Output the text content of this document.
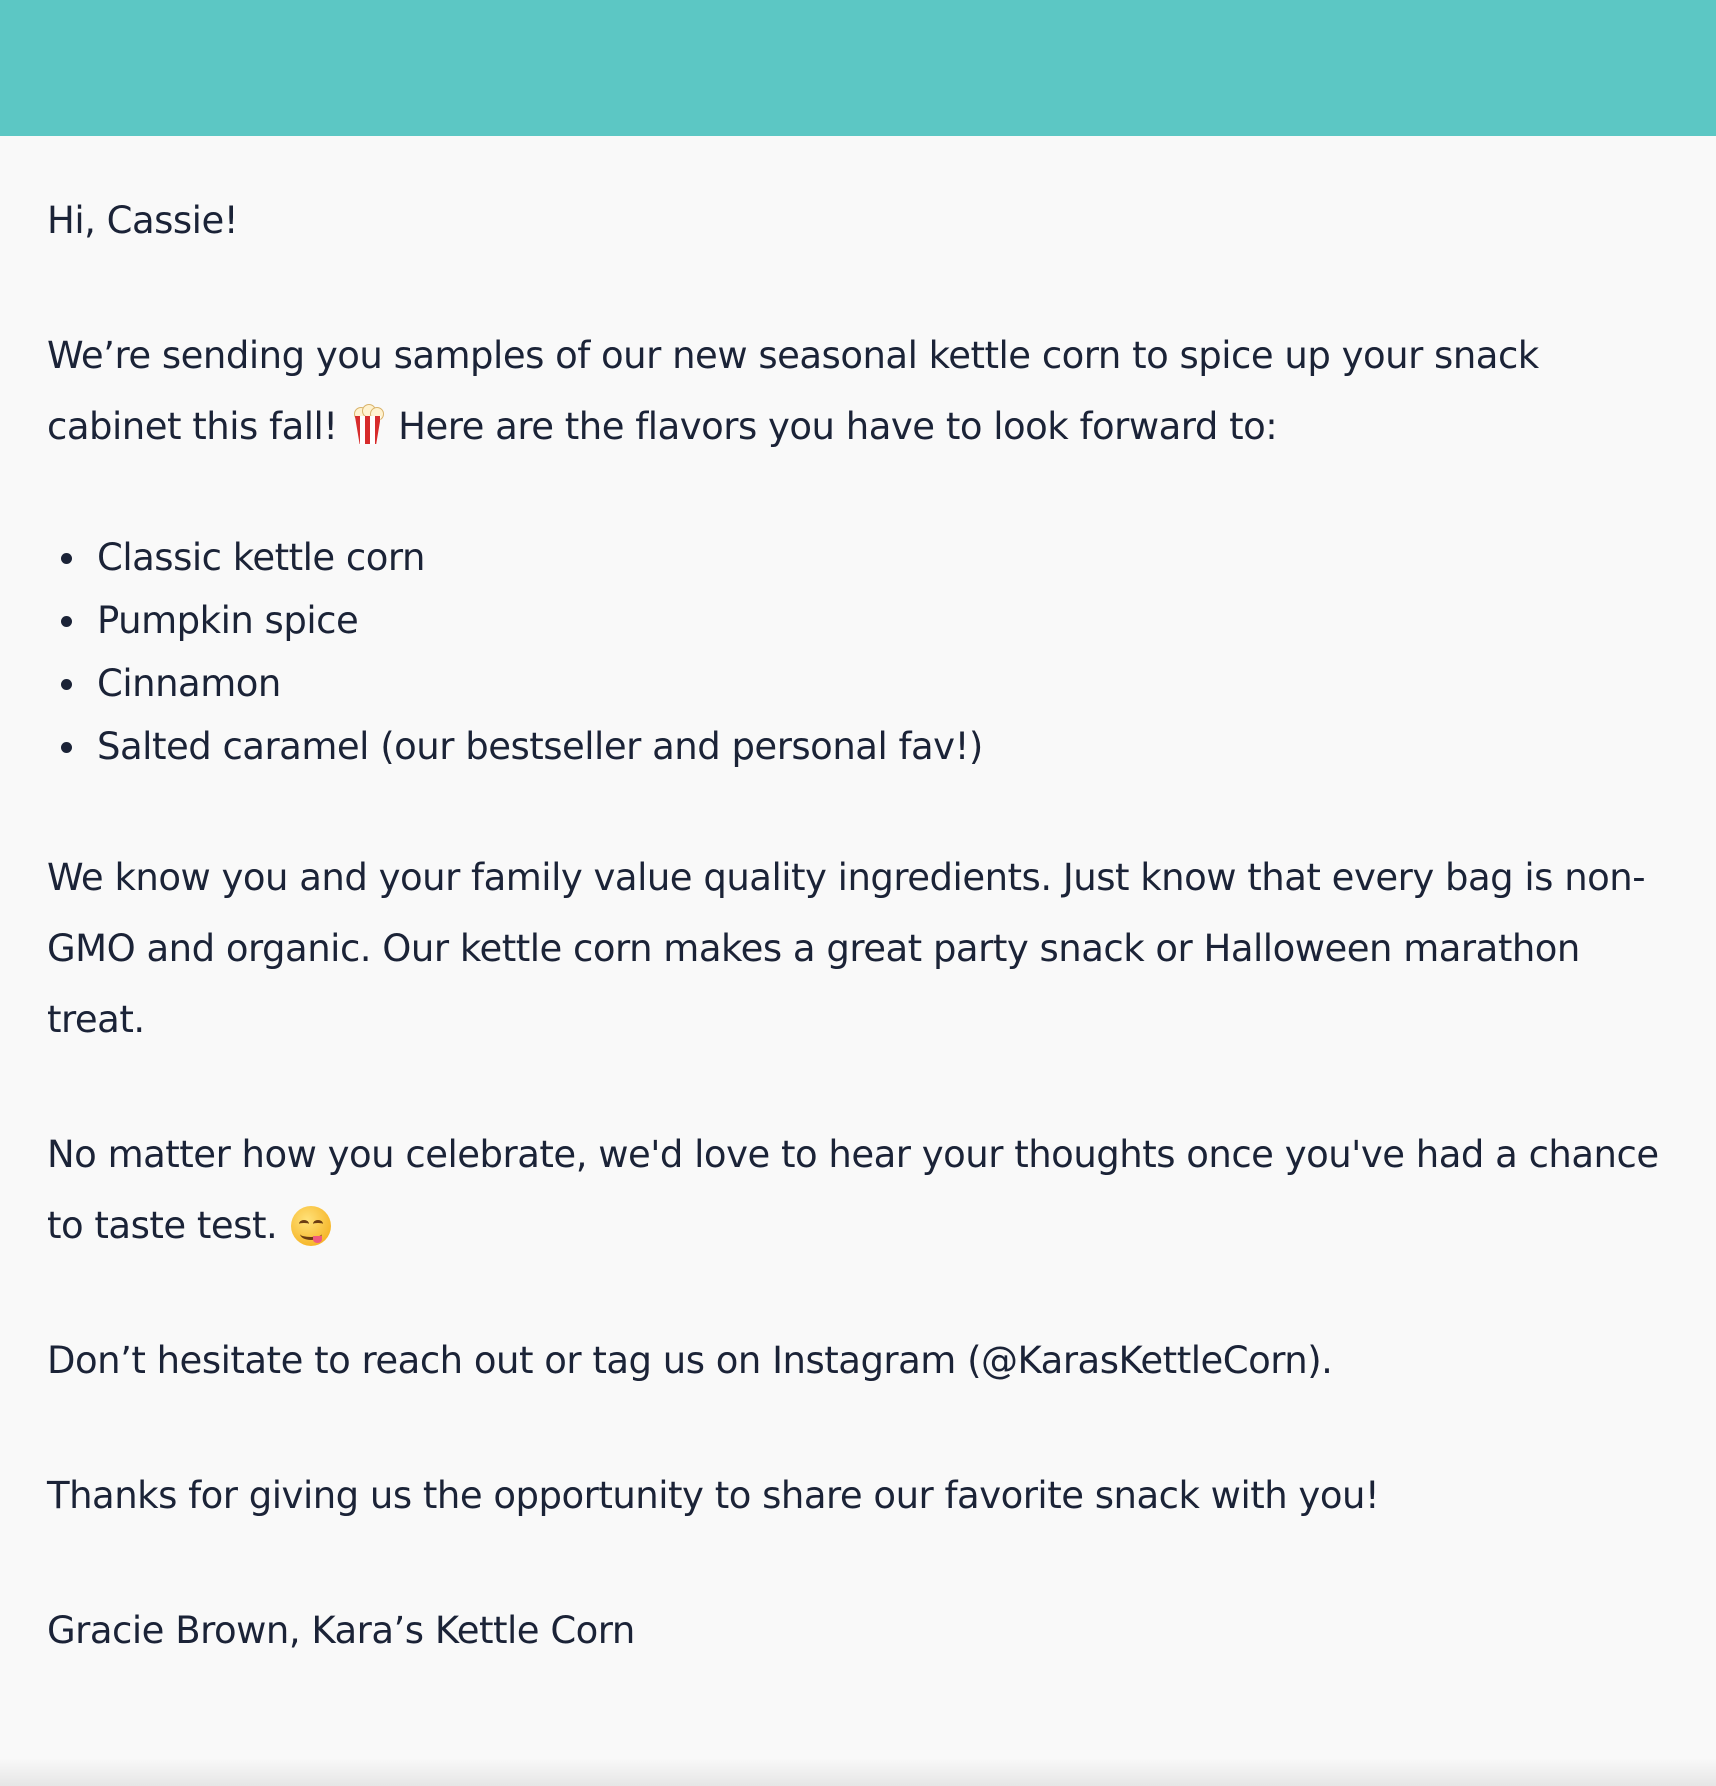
Hi, Cassie!

We’re sending you samples of our new seasonal kettle corn to spice up your snack cabinet this fall! Here are the flavors you have to look forward to:

Classic kettle corn
Pumpkin spice
Cinnamon
Salted caramel (our bestseller and personal fav!)

We know you and your family value quality ingredients. Just know that every bag is non-GMO and organic. Our kettle corn makes a great party snack or Halloween marathon treat.

No matter how you celebrate, we'd love to hear your thoughts once you've had a chance to taste test.

Don’t hesitate to reach out or tag us on Instagram (@KarasKettleCorn).

Thanks for giving us the opportunity to share our favorite snack with you!

Gracie Brown, Kara’s Kettle Corn
